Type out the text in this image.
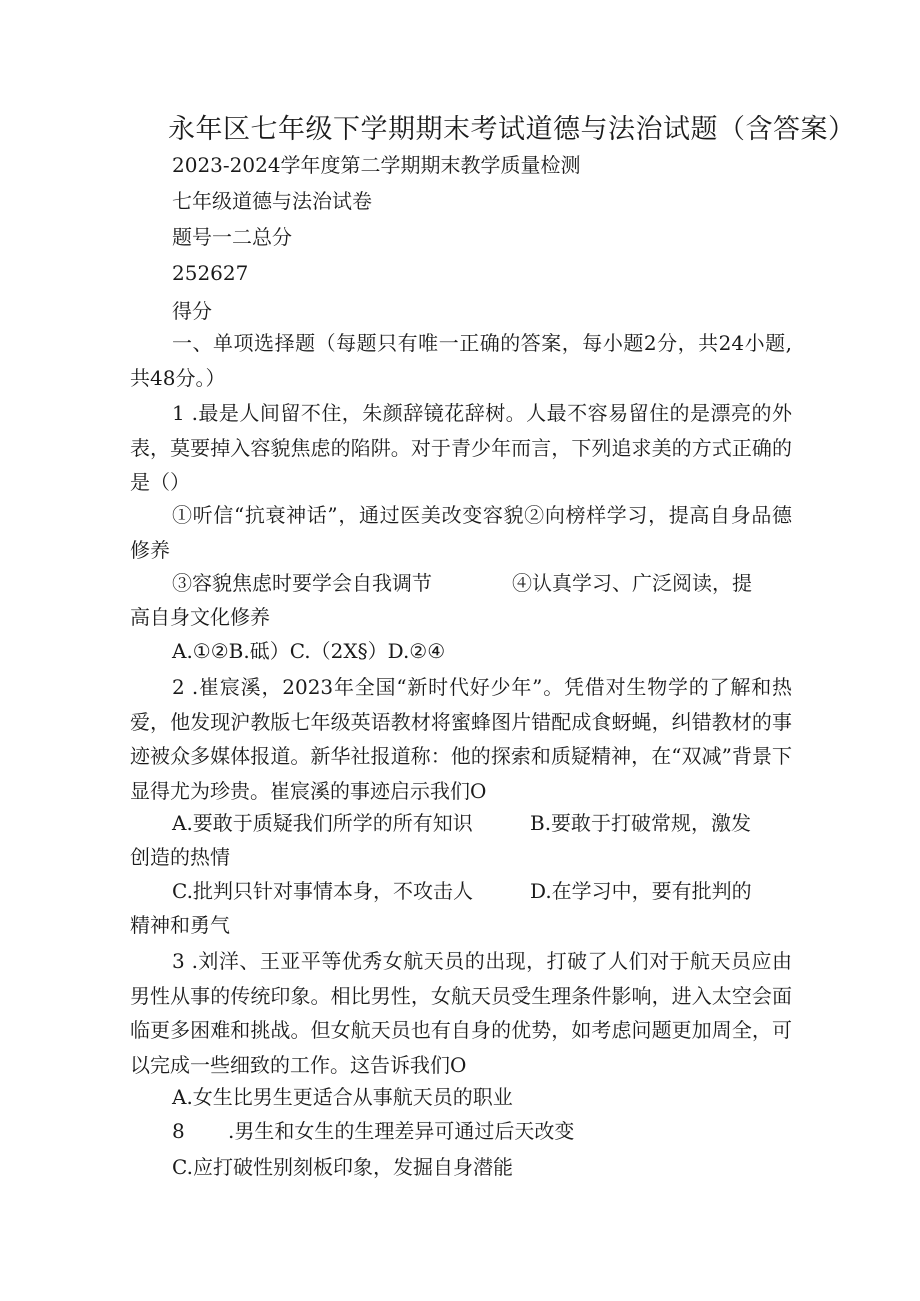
永年区七年级下学期期末考试道德与法治试题（含答案）
2023-2024学年度第二学期期末教学质量检测
七年级道德与法治试卷
题号一二总分
252627
得分
一、单项选择题（每题只有唯一正确的答案，每小题2分，共24小题,共48分。）
1 .最是人间留不住，朱颜辞镜花辞树。人最不容易留住的是漂亮的外表，莫要掉入容貌焦虑的陷阱。对于青少年而言，下列追求美的方式正确的是（）
①听信“抗衰神话”，通过医美改变容貌②向榜样学习，提高自身品德修养
③容貌焦虑时要学会自我调节	④认真学习、广泛阅读，提
高自身文化修养
A.①②B.砥）C.（2X§）D.②④
2 .崔宸溪，2023年全国“新时代好少年”。凭借对生物学的了解和热爱，他发现沪教版七年级英语教材将蜜蜂图片错配成食蚜蝇，纠错教材的事迹被众多媒体报道。新华社报道称：他的探索和质疑精神，在“双减”背景下显得尤为珍贵。崔宸溪的事迹启示我们O
A.要敢于质疑我们所学的所有知识	B.要敢于打破常规，激发
创造的热情
C.批判只针对事情本身，不攻击人	D.在学习中，要有批判的
精神和勇气
3 .刘洋、王亚平等优秀女航天员的出现，打破了人们对于航天员应由男性从事的传统印象。相比男性，女航天员受生理条件影响，进入太空会面临更多困难和挑战。但女航天员也有自身的优势，如考虑问题更加周全，可以完成一些细致的工作。这告诉我们O
A.女生比男生更适合从事航天员的职业
8 .男生和女生的生理差异可通过后天改变
C.应打破性别刻板印象，发掘自身潜能
